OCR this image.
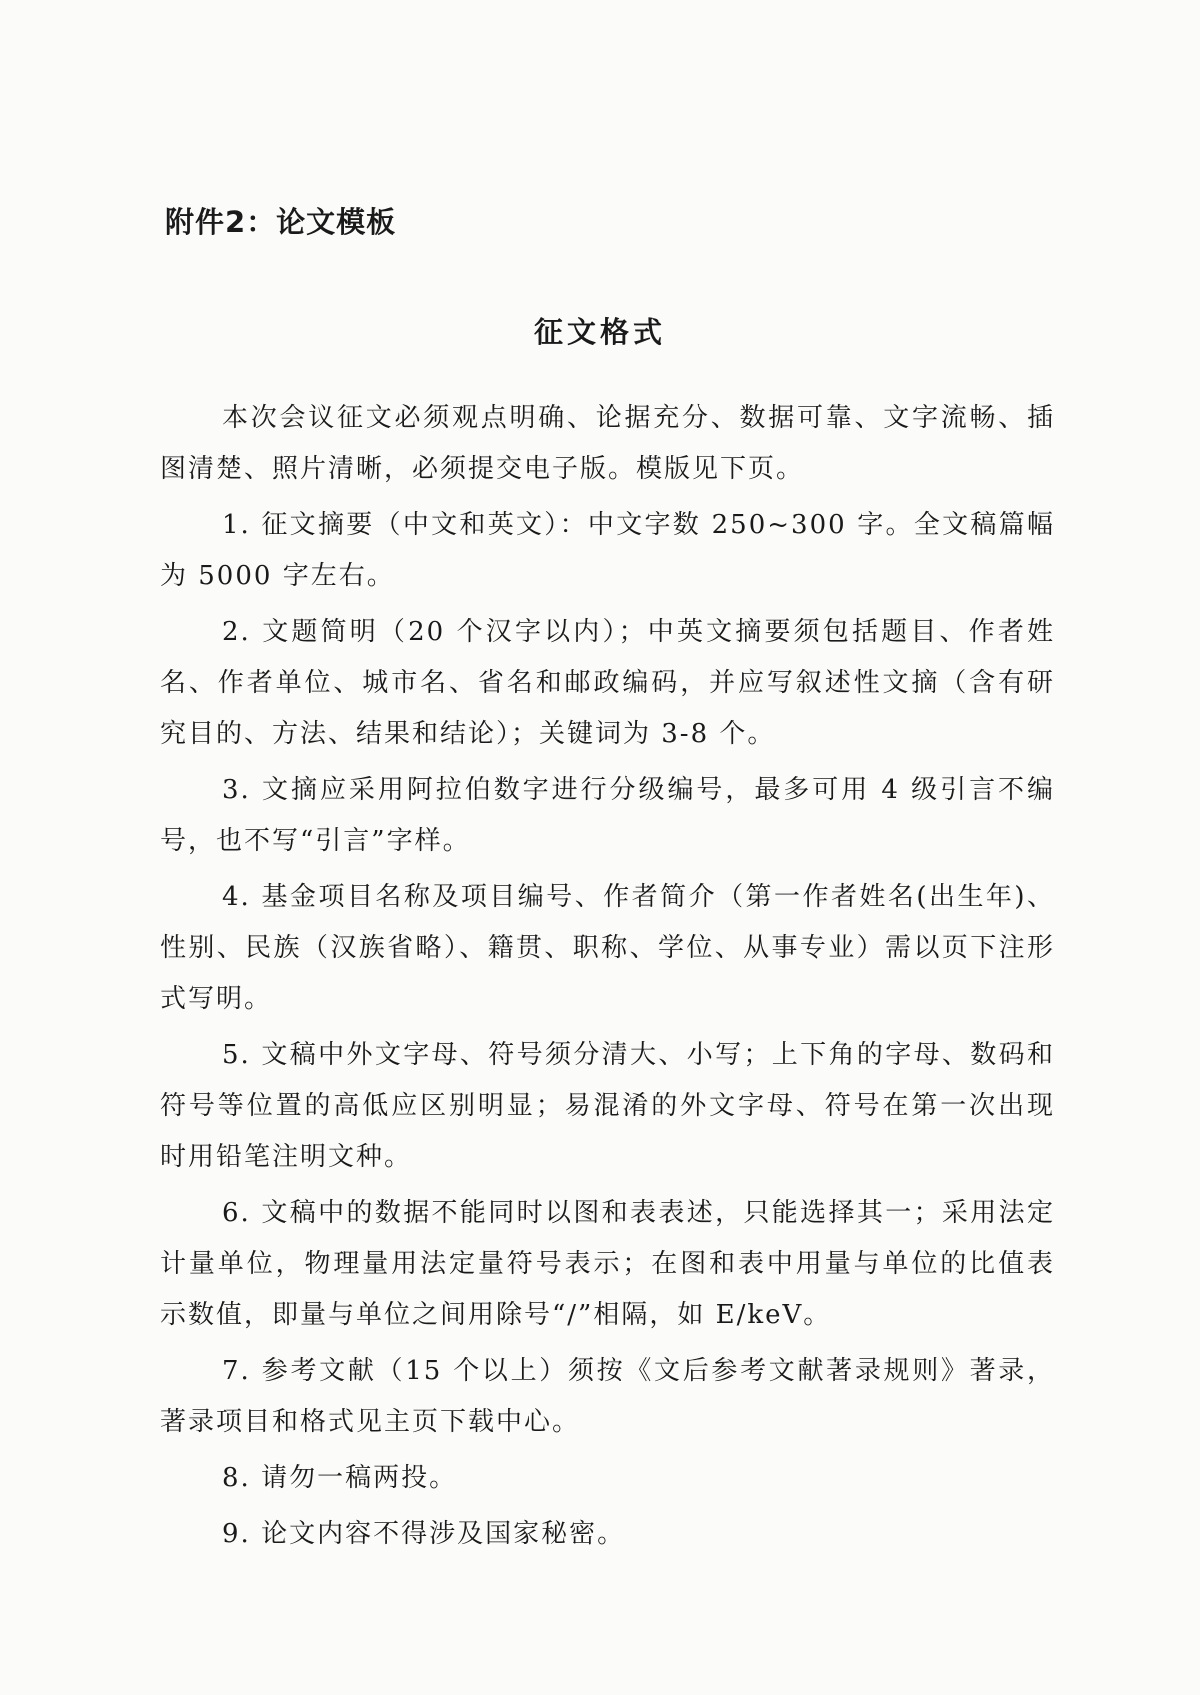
附件2：论文模板
征文格式

本次会议征文必须观点明确、论据充分、数据可靠、文字流畅、插图清楚、照片清晰，必须提交电子版。模版见下页。

1. 征文摘要（中文和英文）：中文字数 250~300 字。全文稿篇幅为 5000 字左右。

2. 文题简明（20 个汉字以内）；中英文摘要须包括题目、作者姓名、作者单位、城市名、省名和邮政编码，并应写叙述性文摘（含有研究目的、方法、结果和结论）；关键词为 3-8 个。

3. 文摘应采用阿拉伯数字进行分级编号，最多可用 4 级引言不编号，也不写“引言”字样。

4. 基金项目名称及项目编号、作者简介（第一作者姓名(出生年)、性别、民族（汉族省略）、籍贯、职称、学位、从事专业）需以页下注形式写明。

5. 文稿中外文字母、符号须分清大、小写；上下角的字母、数码和符号等位置的高低应区别明显；易混淆的外文字母、符号在第一次出现时用铅笔注明文种。

6. 文稿中的数据不能同时以图和表表述，只能选择其一；采用法定计量单位，物理量用法定量符号表示；在图和表中用量与单位的比值表示数值，即量与单位之间用除号“/”相隔，如 E/keV。

7. 参考文献（15 个以上）须按《文后参考文献著录规则》著录，著录项目和格式见主页下载中心。

8. 请勿一稿两投。

9. 论文内容不得涉及国家秘密。
